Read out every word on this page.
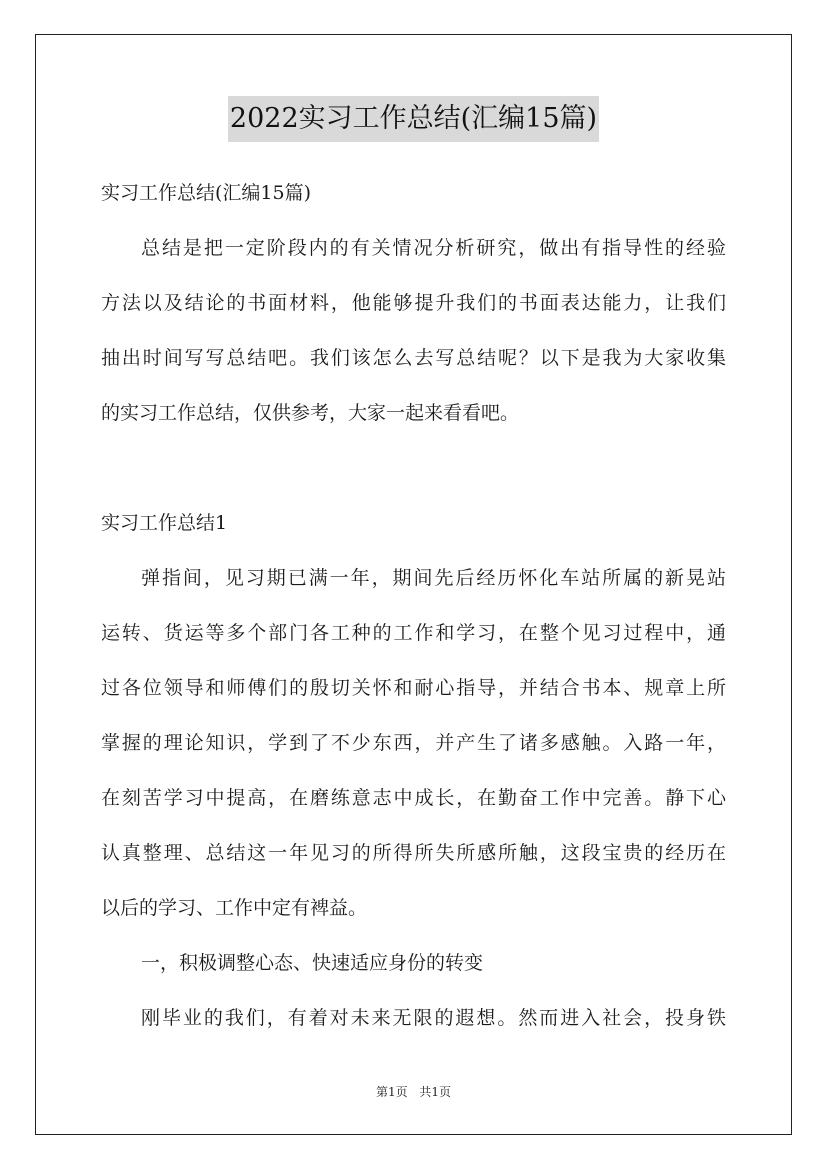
2022实习工作总结(汇编15篇)
实习工作总结(汇编15篇)
总结是把一定阶段内的有关情况分析研究，做出有指导性的经验
方法以及结论的书面材料，他能够提升我们的书面表达能力，让我们
抽出时间写写总结吧。我们该怎么去写总结呢？以下是我为大家收集
的实习工作总结，仅供参考，大家一起来看看吧。
实习工作总结1
弹指间，见习期已满一年，期间先后经历怀化车站所属的新晃站
运转、货运等多个部门各工种的工作和学习，在整个见习过程中，通
过各位领导和师傅们的殷切关怀和耐心指导，并结合书本、规章上所
掌握的理论知识，学到了不少东西，并产生了诸多感触。入路一年，
在刻苦学习中提高，在磨练意志中成长，在勤奋工作中完善。静下心
认真整理、总结这一年见习的所得所失所感所触，这段宝贵的经历在
以后的学习、工作中定有裨益。
一，积极调整心态、快速适应身份的转变
刚毕业的我们，有着对未来无限的遐想。然而进入社会，投身铁
第1页 共1页
